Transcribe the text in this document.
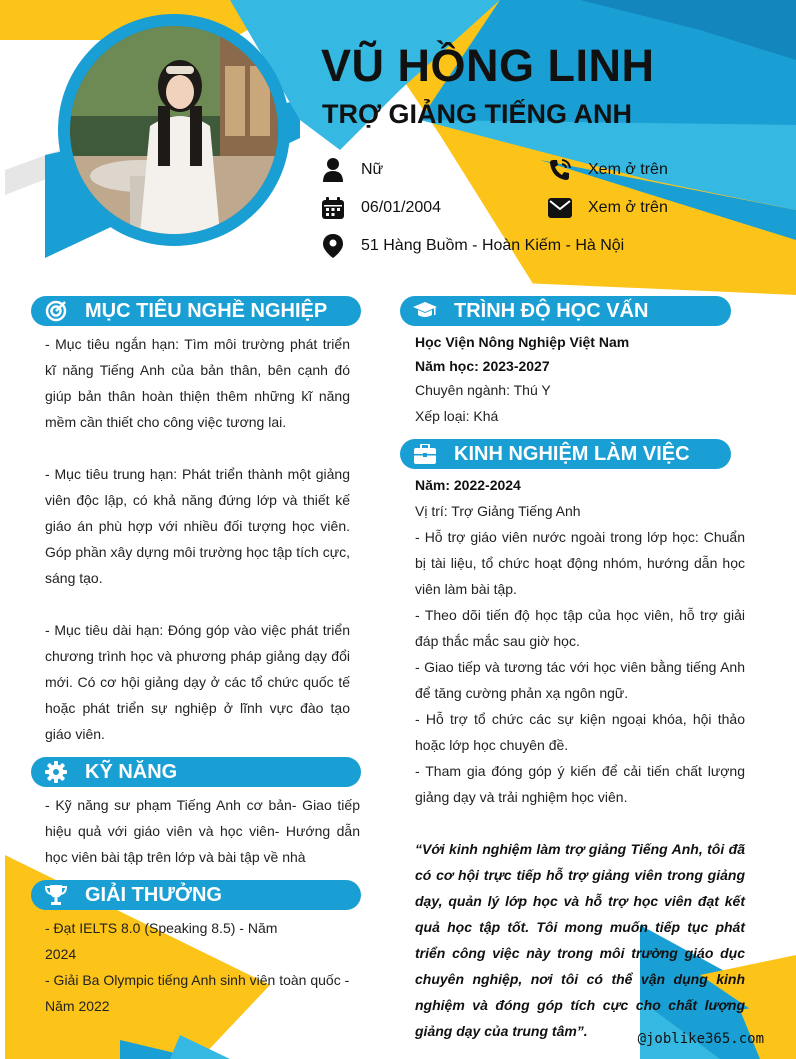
VŨ HỒNG LINH
TRỢ GIẢNG TIẾNG ANH
Nữ
06/01/2004
51 Hàng Buồm - Hoàn Kiếm - Hà Nội
Xem ở trên
Xem ở trên
MỤC TIÊU NGHỀ NGHIỆP

- Mục tiêu ngắn hạn: Tìm môi trường phát triển kĩ năng Tiếng Anh của bản thân, bên cạnh đó giúp bản thân hoàn thiện thêm những kĩ năng mềm cần thiết cho công việc tương lai.

- Mục tiêu trung hạn: Phát triển thành một giảng viên độc lập, có khả năng đứng lớp và thiết kế giáo án phù hợp với nhiều đối tượng học viên. Góp phần xây dựng môi trường học tập tích cực, sáng tạo.

- Mục tiêu dài hạn: Đóng góp vào việc phát triển chương trình học và phương pháp giảng dạy đổi mới. Có cơ hội giảng dạy ở các tổ chức quốc tế hoặc phát triển sự nghiệp ở lĩnh vực đào tạo giáo viên.

KỸ NĂNG

- Kỹ năng sư phạm Tiếng Anh cơ bản- Giao tiếp hiệu quả với giáo viên và học viên- Hướng dẫn học viên bài tập trên lớp và bài tập về nhà

GIẢI THƯỞNG

- Đạt IELTS 8.0 (Speaking 8.5) - Năm 2024

- Giải Ba Olympic tiếng Anh sinh viên toàn quốc - Năm 2022

TRÌNH ĐỘ HỌC VẤN

Học Viện Nông Nghiệp Việt Nam

Năm học: 2023-2027

Chuyên ngành: Thú Y

Xếp loại: Khá

KINH NGHIỆM LÀM VIỆC

Năm: 2022-2024

Vị trí: Trợ Giảng Tiếng Anh

- Hỗ trợ giáo viên nước ngoài trong lớp học: Chuẩn bị tài liệu, tổ chức hoạt động nhóm, hướng dẫn học viên làm bài tập.

- Theo dõi tiến độ học tập của học viên, hỗ trợ giải đáp thắc mắc sau giờ học.

- Giao tiếp và tương tác với học viên bằng tiếng Anh để tăng cường phản xạ ngôn ngữ.

- Hỗ trợ tổ chức các sự kiện ngoại khóa, hội thảo hoặc lớp học chuyên đề.

- Tham gia đóng góp ý kiến để cải tiến chất lượng giảng dạy và trải nghiệm học viên.

“Với kinh nghiệm làm trợ giảng Tiếng Anh, tôi đã có cơ hội trực tiếp hỗ trợ giảng viên trong giảng dạy, quản lý lớp học và hỗ trợ học viên đạt kết quả học tập tốt. Tôi mong muốn tiếp tục phát triển công việc này trong môi trường giáo dục chuyên nghiệp, nơi tôi có thể vận dụng kinh nghiệm và đóng góp tích cực cho chất lượng giảng dạy của trung tâm”.	@joblike365.com
